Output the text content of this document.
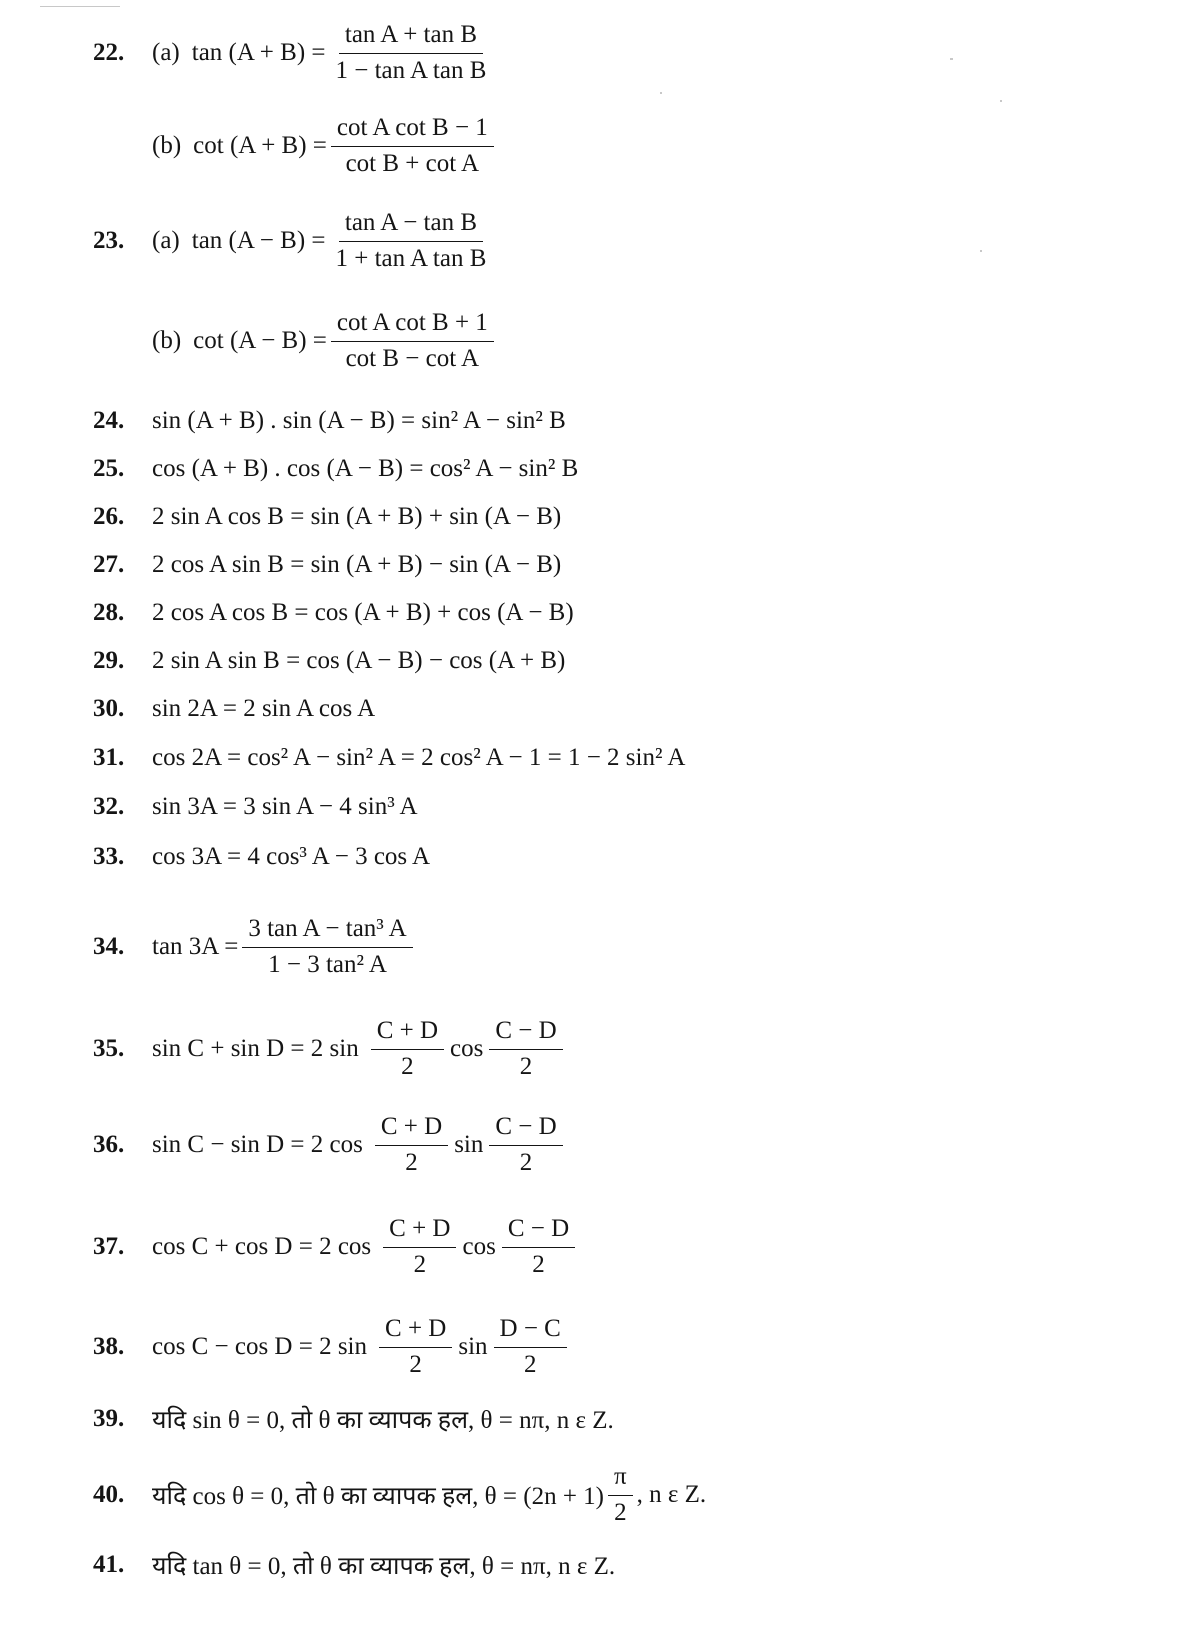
22.	(a) $\tan (A + B) = \frac{\text{tan A + tan B}}{\text{1 − tan A tan B}}$
(b) $\cot (A + B) = \frac{\text{cot A cot B − 1}}{\text{cot B + cot A}}$
23.	(a) $\tan (A - B) = \frac{\text{tan A − tan B}}{\text{1 + tan A tan B}}$
(b) $\cot (A - B) = \frac{\text{cot A cot B + 1}}{\text{cot B − cot A}}$
24.	sin (A + B) . sin (A − B) = sin² A − sin² B
25.	cos (A + B) . cos (A − B) = cos² A − sin² B
26.	2 sin A cos B = sin (A + B) + sin (A − B)
27.	2 cos A sin B = sin (A + B) − sin (A − B)
28.	2 cos A cos B = cos (A + B) + cos (A − B)
29.	2 sin A sin B = cos (A − B) − cos (A + B)
30.	sin 2A = 2 sin A cos A
31.	cos 2A = cos² A − sin² A = 2 cos² A − 1 = 1 − 2 sin² A
32.	sin 3A = 3 sin A − 4 sin³ A
33.	cos 3A = 4 cos³ A − 3 cos A
34.	$\tan 3A = \frac{\text{3 tan A − tan³ A}}{\text{1 − 3 tan² A}}$
35.	sin C + sin D = 2 $\sin \frac{C + D}{2}$ $\cos \frac{C - D}{2}$
36.	sin C − sin D = 2 $\cos \frac{C + D}{2}$ $\sin \frac{C - D}{2}$
37.	cos C + cos D = 2 $\cos \frac{C + D}{2}$ $\cos \frac{C - D}{2}$
38.	cos C − cos D = 2 $\sin \frac{C + D}{2}$ $\sin \frac{D - C}{2}$
39.	यदि sin θ = 0, तो θ का व्यापक हल, θ = nπ, n ε Z.
40.	यदि cos θ = 0, तो θ का व्यापक हल, $\theta = (2n + 1) \frac{\pi}{2}$ , n ε Z.
41.	यदि tan θ = 0, तो θ का व्यापक हल, θ = nπ, n ε Z.
